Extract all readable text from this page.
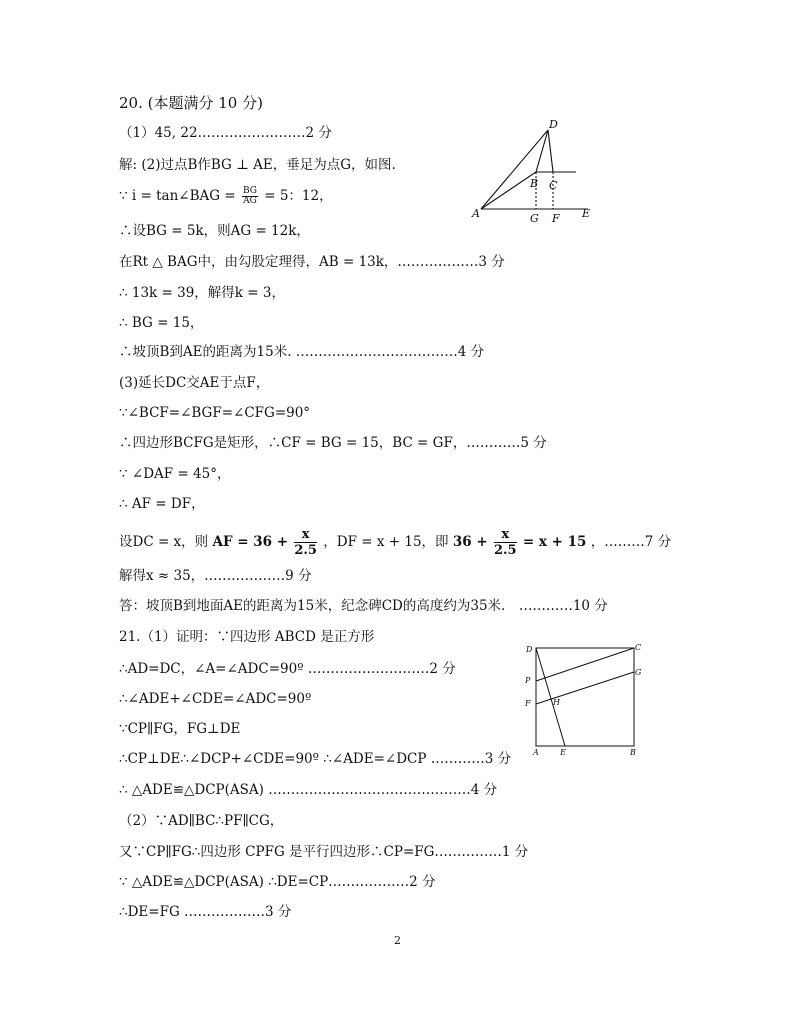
20. (本题满分 10 分)
（1）45, 22……………………2 分
解: (2)过点B作BG ⊥ AE，垂足为点G，如图.
∵ i = tan∠BAG = $\frac{BG}{AG} = 5$：12，
∴设BG = 5k，则AG = 12k，
在Rt △ BAG中，由勾股定理得，AB = 13k，………………3 分
∴ 13k = 39，解得k = 3，
∴ BG = 15，
∴坡顶B到AE的距离为15米. ………………………………4 分
(3)延长DC交AE于点F，
∵∠BCF=∠BGF=∠CFG=90°
∴四边形BCFG是矩形，∴CF = BG = 15，BC = GF，…………5 分
∵ ∠DAF = 45°，
∴ AF = DF，
设DC = x，则 AF = $36 + \frac{x}{2.5}$ ，DF = x + 15，即 $36 + \frac{x}{2.5} = x + 15$ ，………7 分
解得x ≈ 35，………………9 分
答：坡顶B到地面AE的距离为15米，纪念碑CD的高度约为35米.　…………10 分
21.（1）证明：∵四边形 ABCD 是正方形
∴AD=DC，∠A=∠ADC=90º ………………………2 分
∴∠ADE+∠CDE=∠ADC=90º
∵CP∥FG，FG⊥DE
∴CP⊥DE∴∠DCP+∠CDE=90º ∴∠ADE=∠DCP …………3 分
∴ △ADE≌△DCP(ASA) ………………………………………4 分
（2）∵AD∥BC∴PF∥CG，
又∵CP∥FG∴四边形 CPFG 是平行四边形∴CP=FG……………1 分
∵ △ADE≌△DCP(ASA) ∴DE=CP………………2 分
∴DE=FG ………………3 分
D
B C
A	G F E
D	C
G
P
F	H
A	E	B
2
